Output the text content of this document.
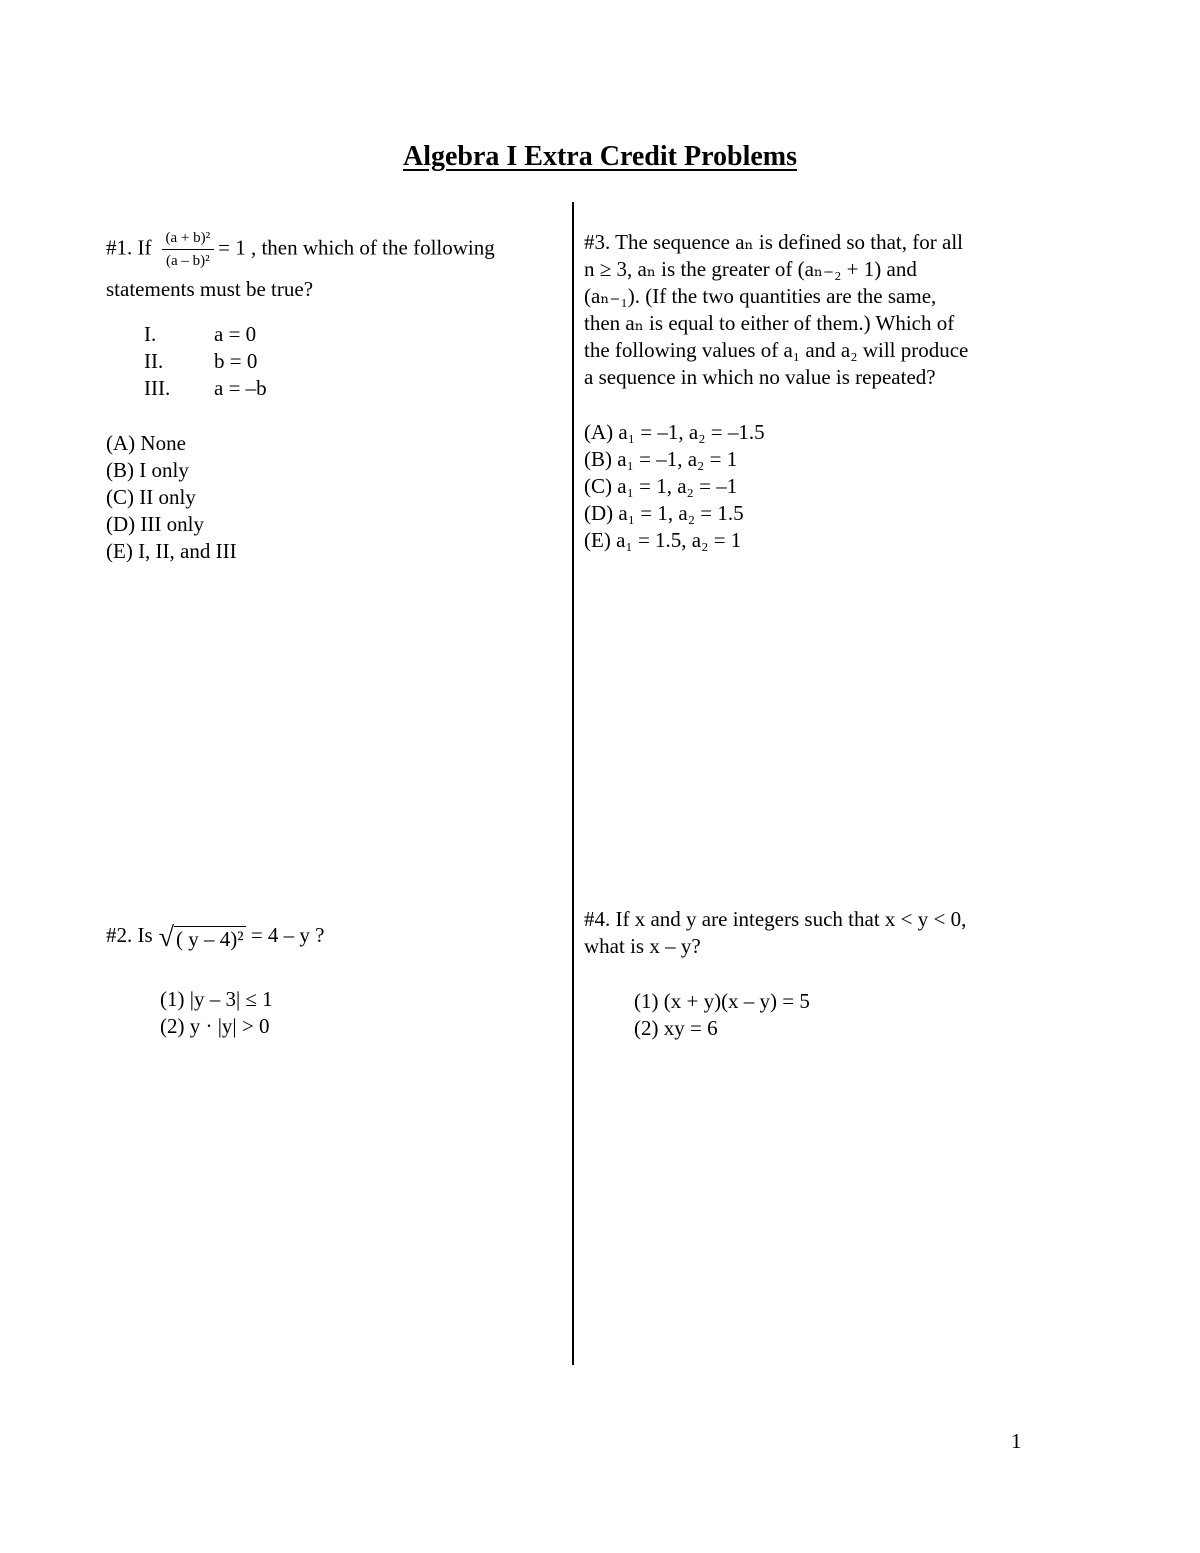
Algebra I Extra Credit Problems
#1. If $\frac{\text{(a + b)²}}{\text{(a – b)²}} = 1$ , then which of the following
statements must be true?
I.	a = 0
II.	b = 0
III.	a = –b
(A) None
(B) I only
(C) II only
(D) III only
(E) I, II, and III
#2. Is √( y – 4)² = 4 – y ?
(1) |y – 3| ≤ 1
(2) y · |y| > 0
#3. The sequence aₙ is defined so that, for all
n ≥ 3, aₙ is the greater of (aₙ₋₂ + 1) and
(aₙ₋₁). (If the two quantities are the same,
then aₙ is equal to either of them.) Which of
the following values of a₁ and a₂ will produce
a sequence in which no value is repeated?
(A) a₁ = –1, a₂ = –1.5
(B) a₁ = –1, a₂ = 1
(C) a₁ = 1, a₂ = –1
(D) a₁ = 1, a₂ = 1.5
(E) a₁ = 1.5, a₂ = 1
#4. If x and y are integers such that x < y < 0,
what is x – y?
(1) (x + y)(x – y) = 5
(2) xy = 6
1
